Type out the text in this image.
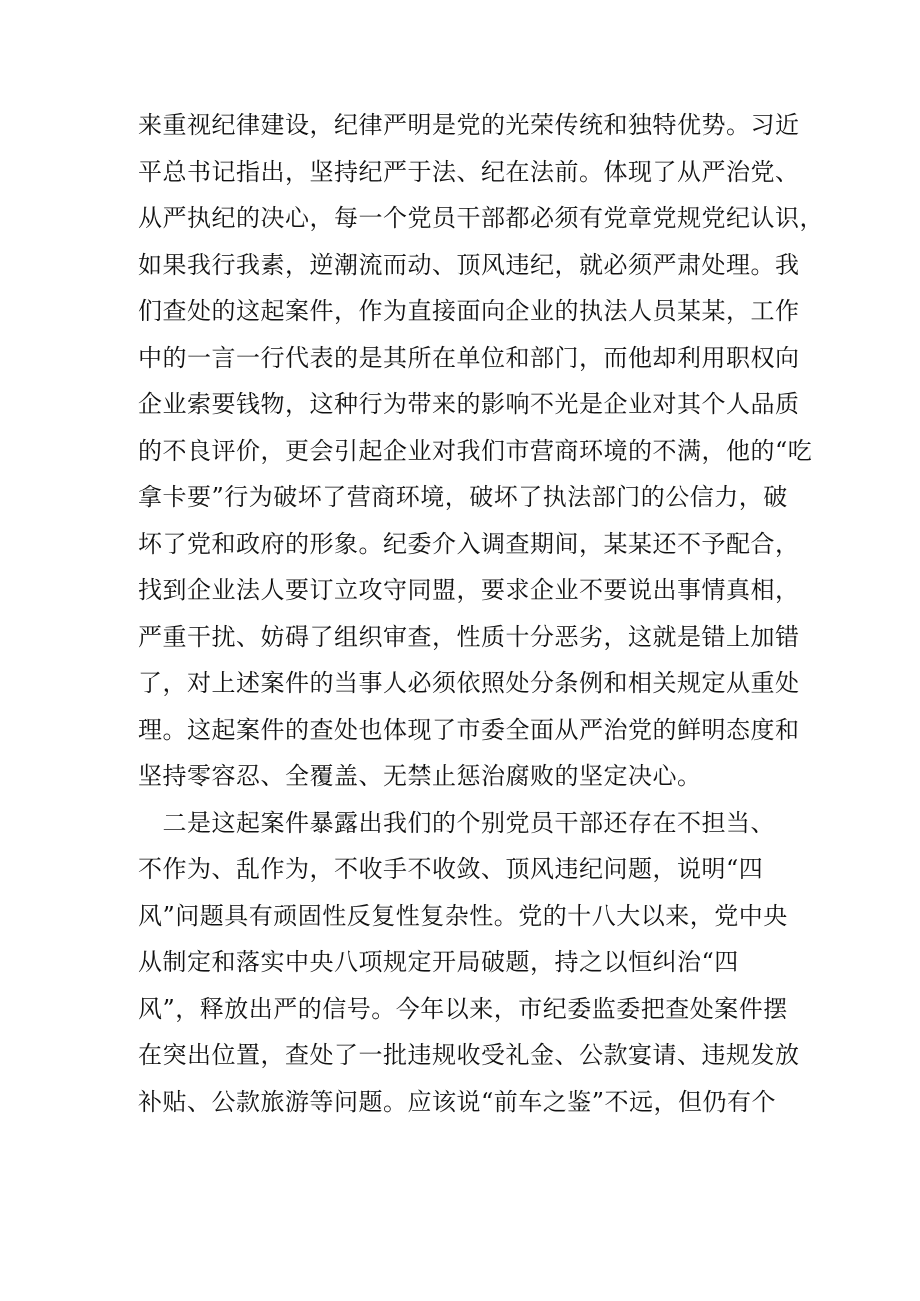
来重视纪律建设，纪律严明是党的光荣传统和独特优势。习近
平总书记指出，坚持纪严于法、纪在法前。体现了从严治党、
从严执纪的决心，每一个党员干部都必须有党章党规党纪认识，
如果我行我素，逆潮流而动、顶风违纪，就必须严肃处理。我
们查处的这起案件，作为直接面向企业的执法人员某某，工作
中的一言一行代表的是其所在单位和部门，而他却利用职权向
企业索要钱物，这种行为带来的影响不光是企业对其个人品质
的不良评价，更会引起企业对我们市营商环境的不满，他的“吃
拿卡要”行为破坏了营商环境，破坏了执法部门的公信力，破
坏了党和政府的形象。纪委介入调查期间，某某还不予配合，
找到企业法人要订立攻守同盟，要求企业不要说出事情真相，
严重干扰、妨碍了组织审查，性质十分恶劣，这就是错上加错
了，对上述案件的当事人必须依照处分条例和相关规定从重处
理。这起案件的查处也体现了市委全面从严治党的鲜明态度和
坚持零容忍、全覆盖、无禁止惩治腐败的坚定决心。
　二是这起案件暴露出我们的个别党员干部还存在不担当、
不作为、乱作为，不收手不收敛、顶风违纪问题，说明“四
风”问题具有顽固性反复性复杂性。党的十八大以来，党中央
从制定和落实中央八项规定开局破题，持之以恒纠治“四
风”，释放出严的信号。今年以来，市纪委监委把查处案件摆
在突出位置，查处了一批违规收受礼金、公款宴请、违规发放
补贴、公款旅游等问题。应该说“前车之鉴”不远，但仍有个
